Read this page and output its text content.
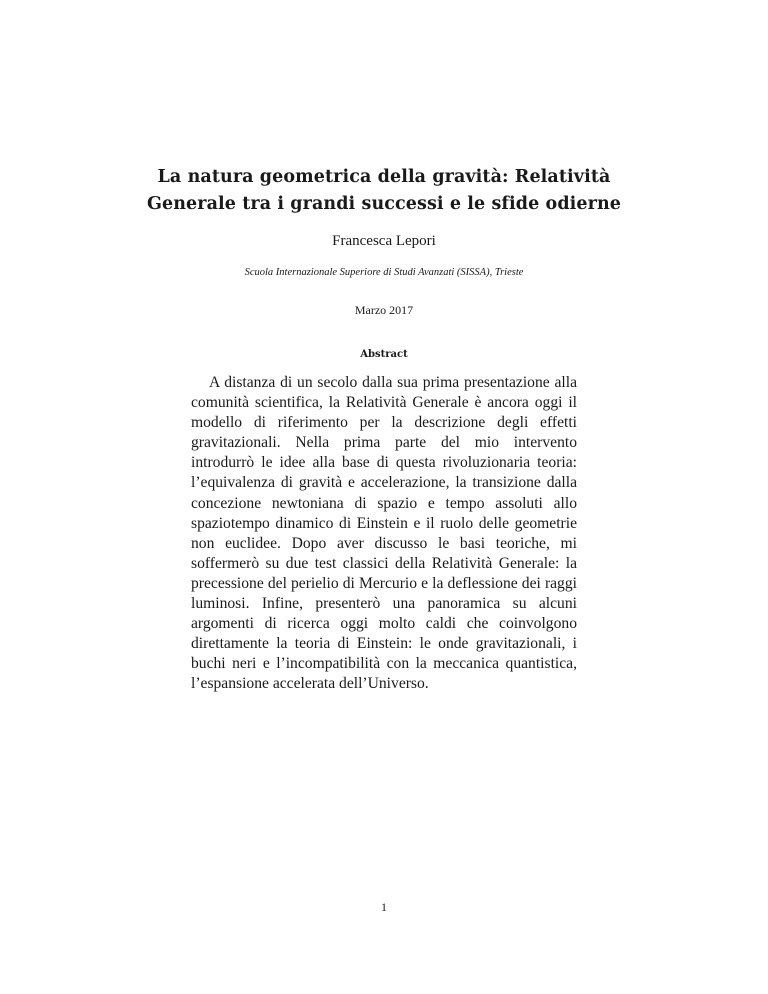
La natura geometrica della gravità: Relatività
Generale tra i grandi successi e le sfide odierne
Francesca Lepori
Scuola Internazionale Superiore di Studi Avanzati (SISSA), Trieste
Marzo 2017
Abstract
A distanza di un secolo dalla sua prima presentazione alla comunità scientifica, la Relatività Generale è ancora oggi il modello di riferimento per la descrizione degli effetti gravitazionali. Nella prima parte del mio intervento introdurrò le idee alla base di questa rivoluzionaria teoria: l’equivalenza di gravità e accelerazione, la transizione dalla concezione newtoniana di spazio e tempo assoluti allo spaziotempo dinamico di Einstein e il ruolo delle geometrie non euclidee. Dopo aver discusso le basi teoriche, mi soffermerò su due test classici della Relatività Generale: la precessione del perielio di Mercurio e la deflessione dei raggi luminosi. Infine, presenterò una panoramica su alcuni argomenti di ricerca oggi molto caldi che coinvolgono direttamente la teoria di Einstein: le onde gravitazionali, i buchi neri e l’incompatibilità con la meccanica quantistica, l’espansione accelerata dell’Universo.
1
